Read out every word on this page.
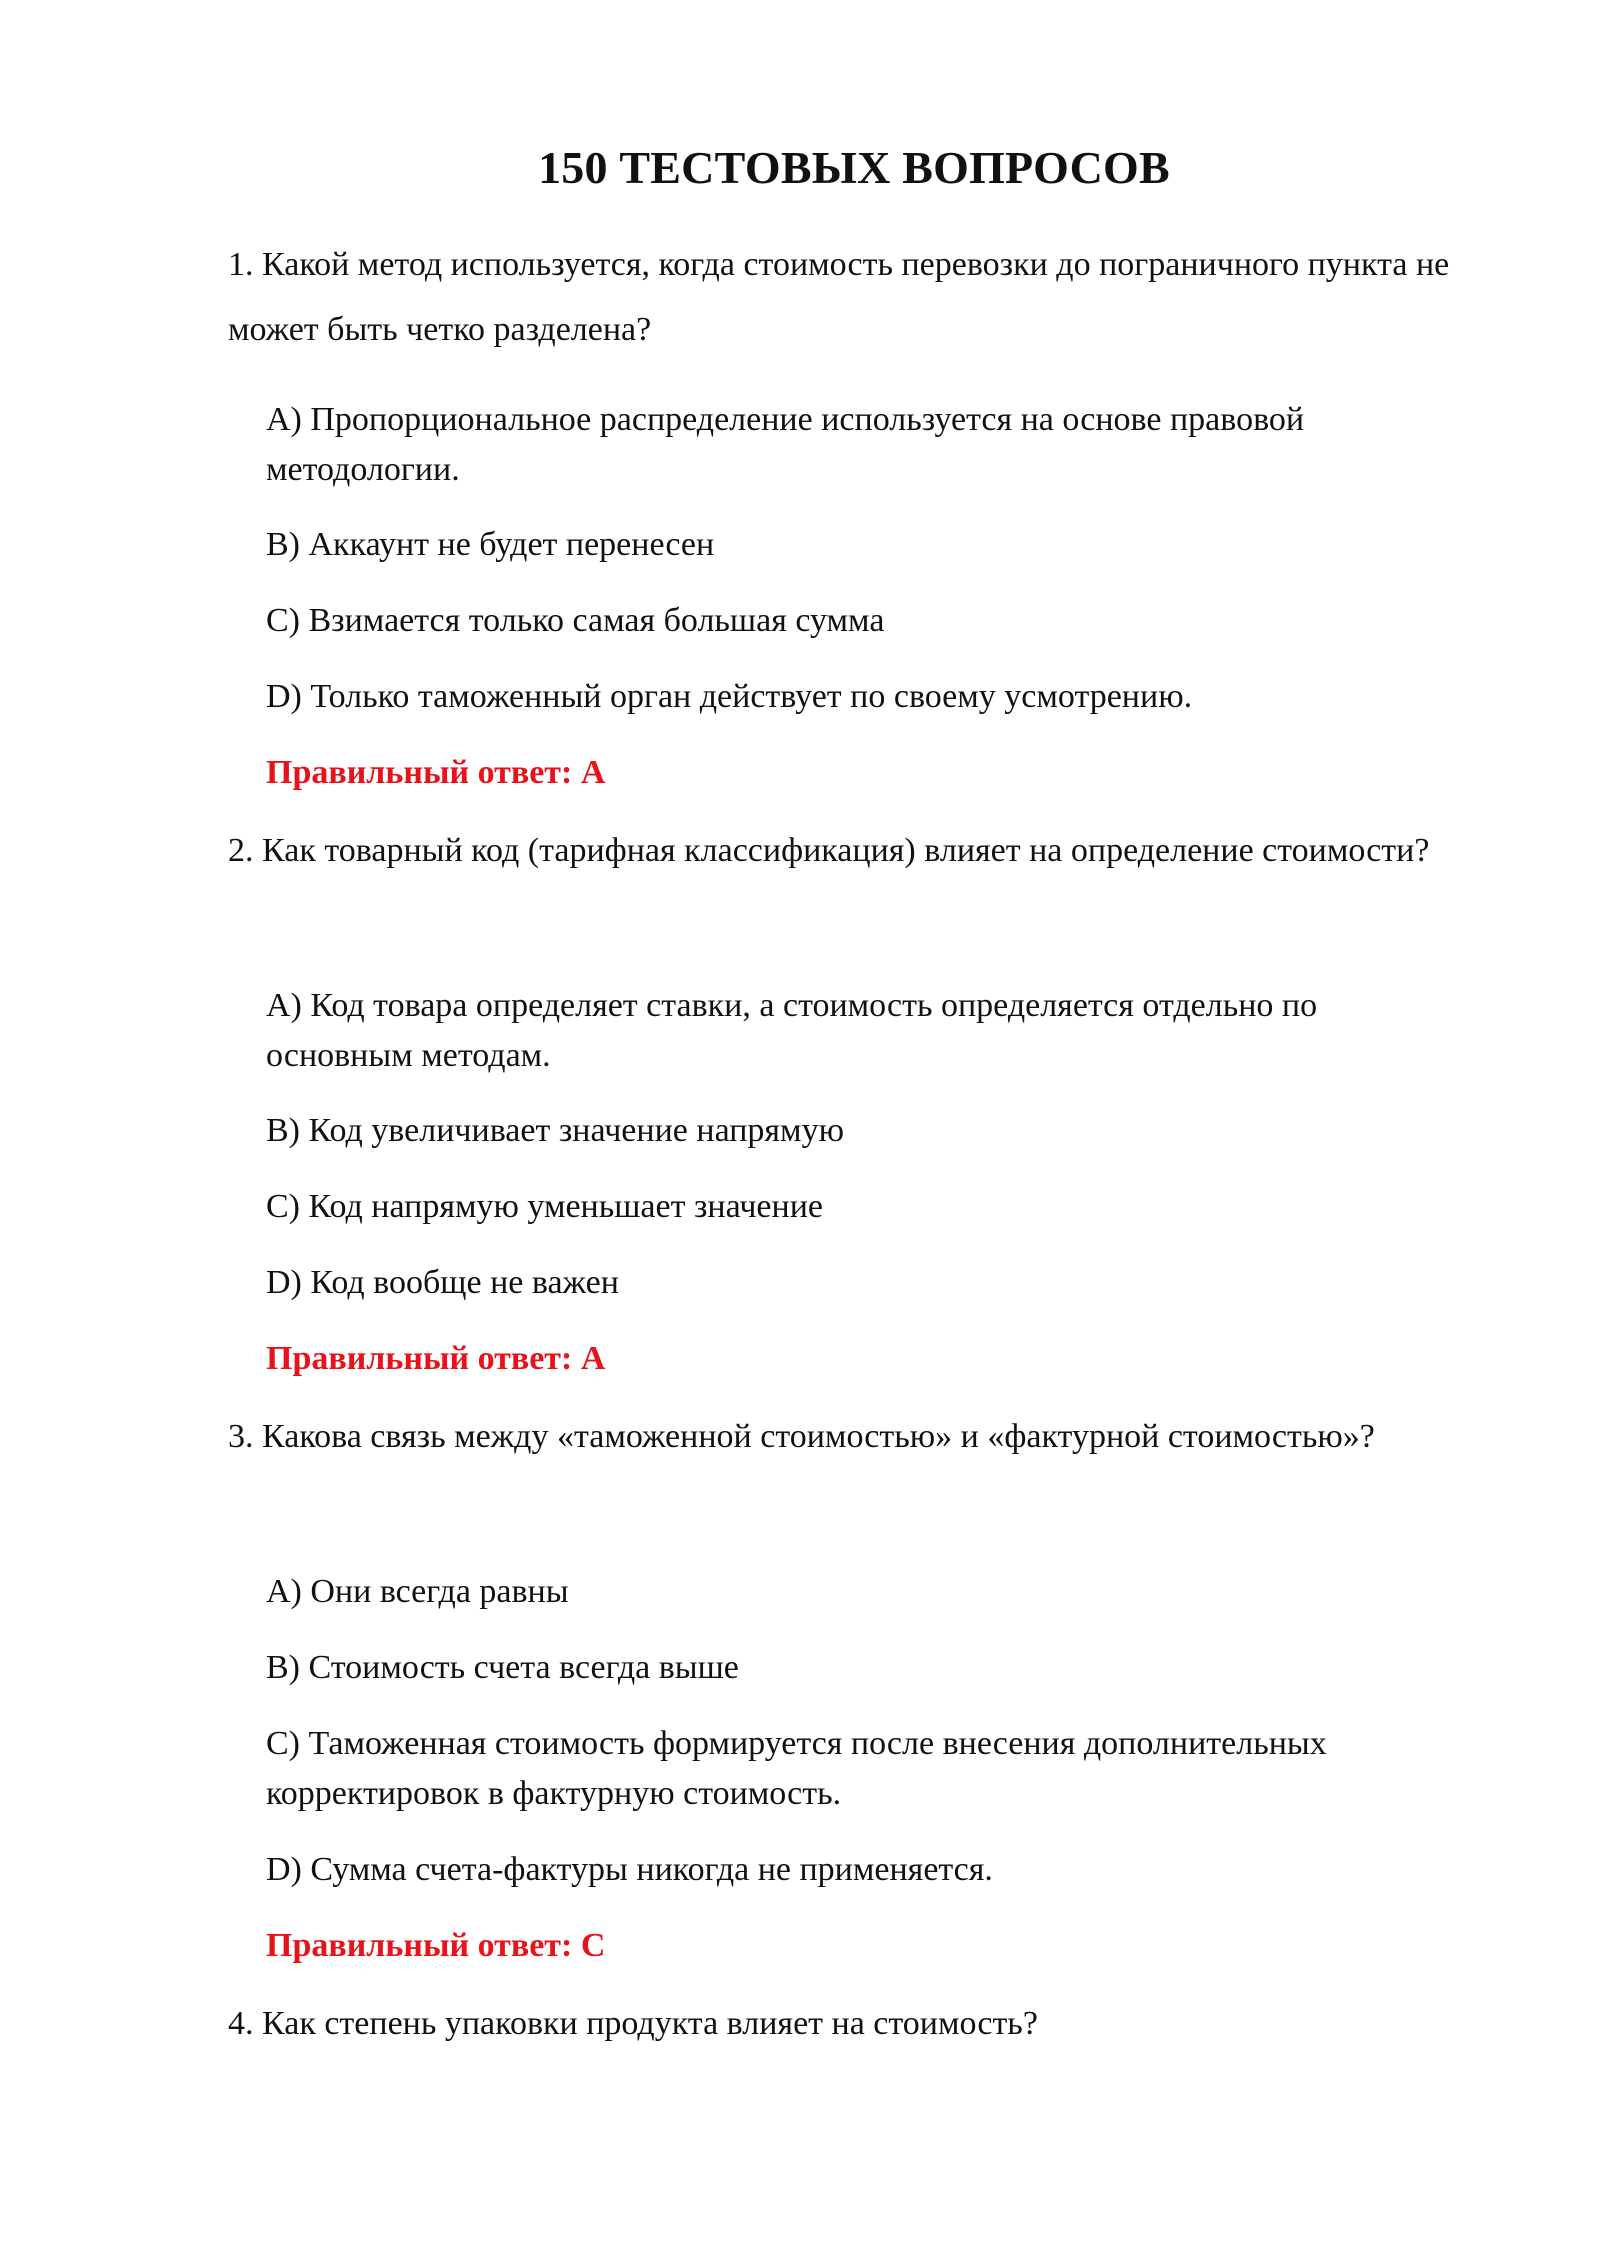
150 ТЕСТОВЫХ ВОПРОСОВ
1. Какой метод используется, когда стоимость перевозки до пограничного пункта не может быть четко разделена?
A) Пропорциональное распределение используется на основе правовой методологии.
B) Аккаунт не будет перенесен
C) Взимается только самая большая сумма
D) Только таможенный орган действует по своему усмотрению.
Правильный ответ: A
2. Как товарный код (тарифная классификация) влияет на определение стоимости?
A) Код товара определяет ставки, а стоимость определяется отдельно по основным методам.
B) Код увеличивает значение напрямую
C) Код напрямую уменьшает значение
D) Код вообще не важен
Правильный ответ: A
3. Какова связь между «таможенной стоимостью» и «фактурной стоимостью»?
A) Они всегда равны
B) Стоимость счета всегда выше
C) Таможенная стоимость формируется после внесения дополнительных корректировок в фактурную стоимость.
D) Сумма счета-фактуры никогда не применяется.
Правильный ответ: C
4. Как степень упаковки продукта влияет на стоимость?
